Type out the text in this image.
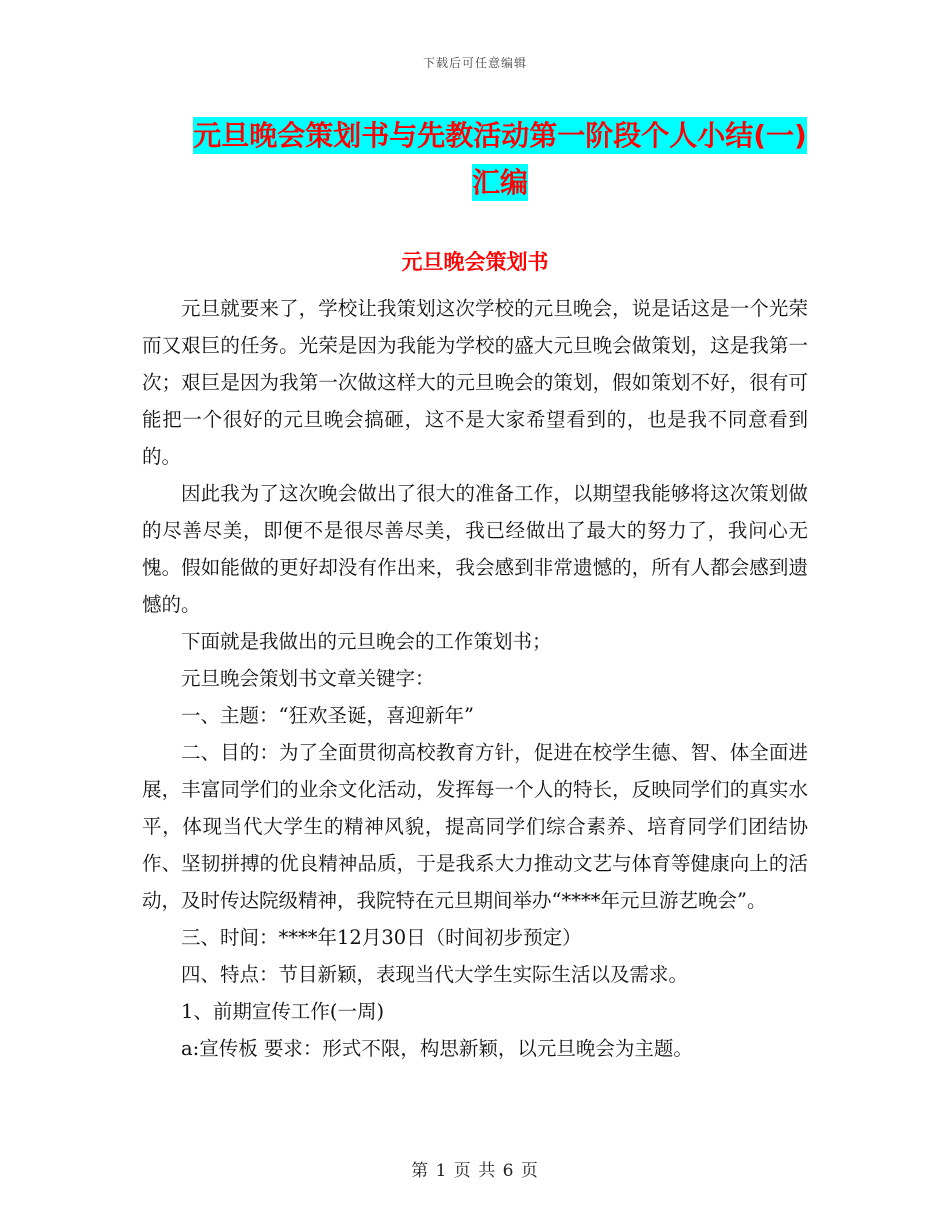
下载后可任意编辑
元旦晚会策划书与先教活动第一阶段个人小结(一)汇编
元旦晚会策划书

元旦就要来了，学校让我策划这次学校的元旦晚会，说是话这是一个光荣而又艰巨的任务。光荣是因为我能为学校的盛大元旦晚会做策划，这是我第一次；艰巨是因为我第一次做这样大的元旦晚会的策划，假如策划不好，很有可能把一个很好的元旦晚会搞砸，这不是大家希望看到的，也是我不同意看到的。

因此我为了这次晚会做出了很大的准备工作，以期望我能够将这次策划做的尽善尽美，即便不是很尽善尽美，我已经做出了最大的努力了，我问心无愧。假如能做的更好却没有作出来，我会感到非常遗憾的，所有人都会感到遗憾的。

下面就是我做出的元旦晚会的工作策划书；

元旦晚会策划书文章关键字：

一、主题：“狂欢圣诞，喜迎新年”

二、目的：为了全面贯彻高校教育方针，促进在校学生德、智、体全面进展，丰富同学们的业余文化活动，发挥每一个人的特长，反映同学们的真实水平，体现当代大学生的精神风貌，提高同学们综合素养、培育同学们团结协作、坚韧拼搏的优良精神品质，于是我系大力推动文艺与体育等健康向上的活动，及时传达院级精神，我院特在元旦期间举办“****年元旦游艺晚会”。

三、时间：****年12月30日（时间初步预定）

四、特点：节目新颖，表现当代大学生实际生活以及需求。

1、前期宣传工作(一周)

a:宣传板 要求：形式不限，构思新颖，以元旦晚会为主题。

第 1 页 共 6 页
